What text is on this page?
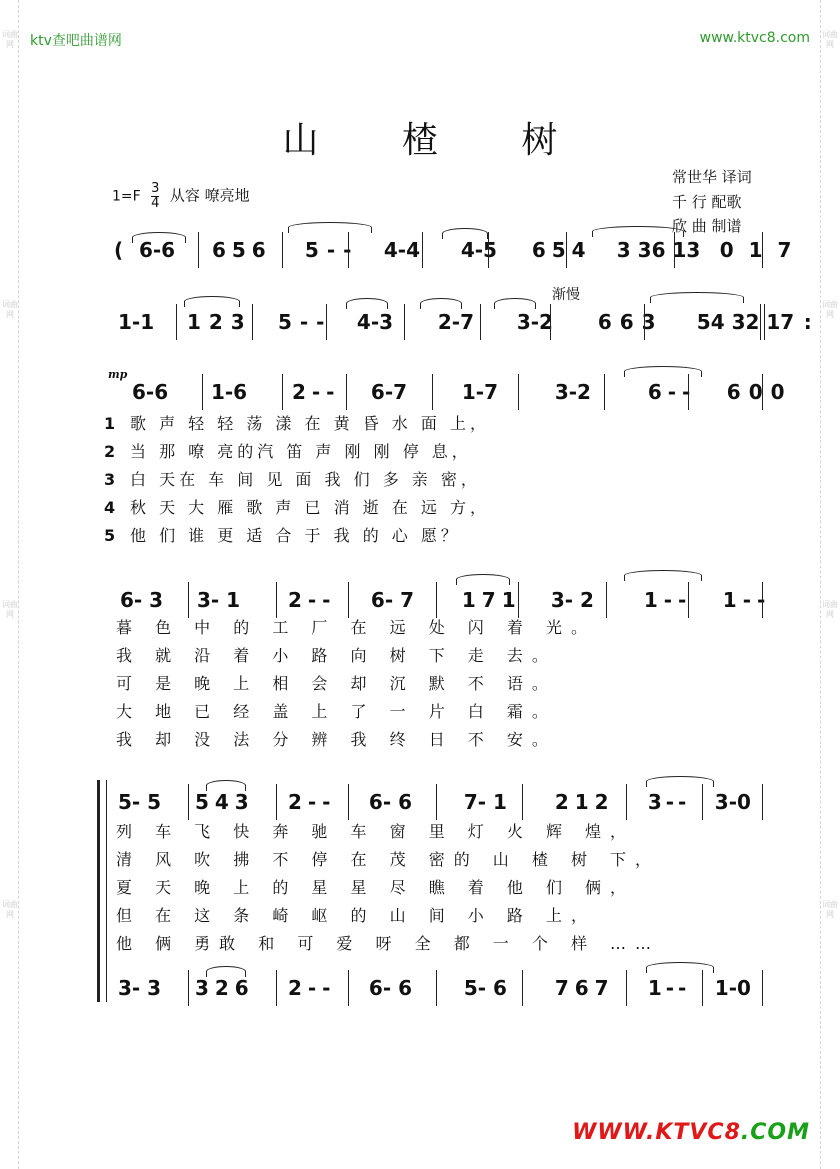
词曲网
词曲网
词曲网
词曲网
词曲网
词曲网
词曲网
词曲网
ktv查吧曲谱网	www.ktvc8.com
山 楂 树
$1=F \frac{3}{4}$ 从容 嘹亮地
常世华 译词
千 行 配歌
欣 曲 制谱
( 6-6 656 5-- 4-4 4-5 654 3 36 13 0 1 7
渐慢
1-1 123 5-- 4-3 2-7 3-2 663 54 32 17 :
mp
6-6 1-6 2-- 6-7	1-7	3-2	6-- 600
1 歌 声 轻 轻 荡 漾 在 黄 昏 水 面 上，
2 当 那 嘹 亮的汽 笛 声 刚 刚 停 息，
3 白 天在 车 间 见 面 我 们 多 亲 密，
4 秋 天 大 雁 歌 声 已 消 逝 在 远 方，
5 他 们 谁 更 适 合 于 我 的 心 愿？
6- 3 3- 1 2-- 6- 7 171 3- 2 1-- 1--
暮 色 中 的 工 厂 在 远 处 闪 着 光。
我 就 沿 着 小 路 向 树 下 走 去。
可 是 晚 上 相 会 却 沉 默 不 语。
大 地 已 经 盖 上 了 一 片 白 霜。
我 却 没 法 分 辨 我 终 日 不 安。
5- 5 543 2-- 6- 6	7- 1 212 3-- 3-0
列 车 飞 快 奔 驰 车 窗 里 灯 火 辉 煌，
清 风 吹 拂 不 停 在 茂 密的 山 楂 树 下，
夏 天 晚 上 的 星 星 尽 瞧 着 他 们 俩，
但 在 这 条 崎 岖 的 山 间 小 路 上，
他 俩 勇敢 和 可 爱 呀 全 都 一 个 样 ……
3- 3 326 2-- 6- 6	5- 6 767 1-- 1-0
WWW.KTVC8.COM
